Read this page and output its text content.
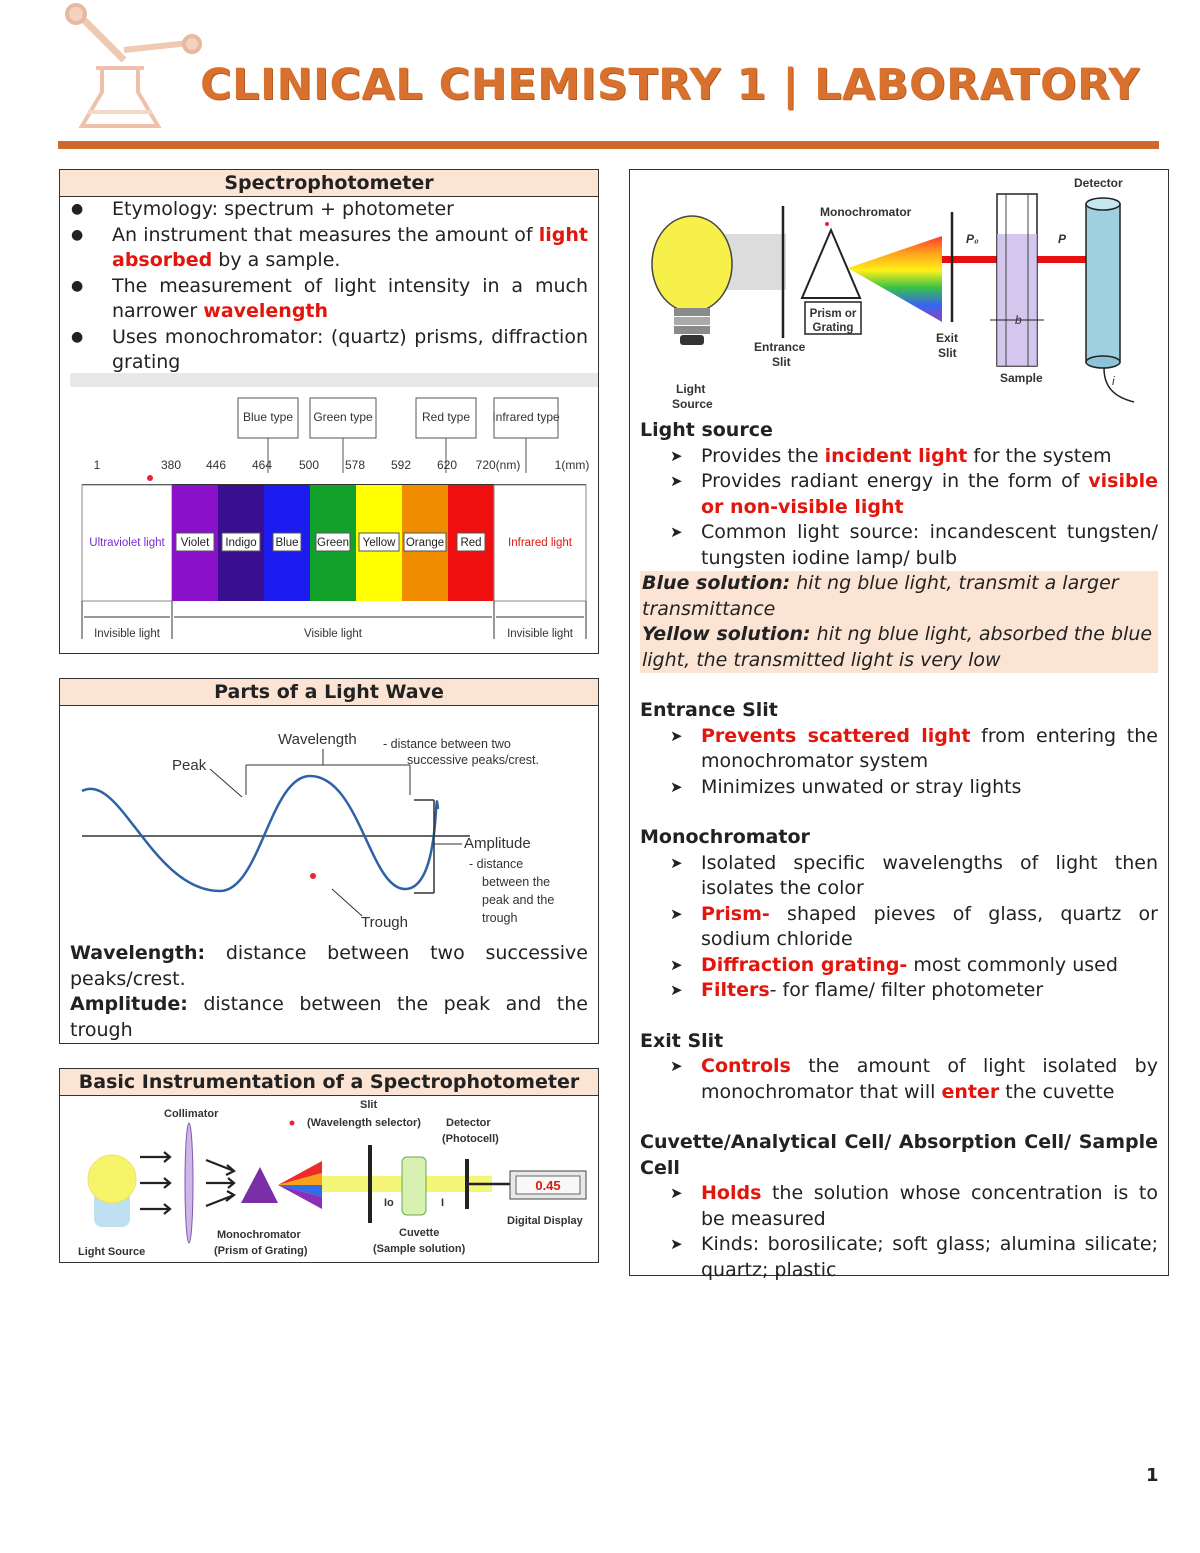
CLINICAL CHEMISTRY 1 | LABORATORY
Spectrophotometer
● Etymology: spectrum + photometer
● An instrument that measures the amount of light absorbed by a sample.
● The measurement of light intensity in a much narrower wavelength
● Uses monochromator: (quartz) prisms, diffraction grating
Blue type Green type	Red type Infrared type
1	380 446 464 500 578 592 620 720(nm)	1(mm)
Ultraviolet light Violet Indigo Blue Green Yellow Orange Red Infrared light
Invisible light	Visible light	Invisible light
Parts of a Light Wave
Peak
Wavelength - distance between two
successive peaks/crest.
Trough
Amplitude
- distance
between the
peak and the
trough
Wavelength: distance between two successive peaks/crest.
Amplitude: distance between the peak and the trough
Basic Instrumentation of a Spectrophotometer
Collimator
Slit
(Wavelength selector) Detector
(Photocell)
Light Source
Monochromator
(Prism of Grating)
Cuvette
(Sample solution)
Digital Display
Io	I
0.45
Light
Source
Entrance
Slit
Monochromator
Prism or
Grating
Exit
Slit
P₀
b
Sample
P
Detector
i
Light source
➤ Provides the incident light for the system
➤ Provides radiant energy in the form of visible or non-visible light
➤ Common light source: incandescent tungsten/ tungsten iodine lamp/ bulb
Blue solution: hit ng blue light, transmit a larger transmittance
Yellow solution: hit ng blue light, absorbed the blue light, the transmitted light is very low
Entrance Slit
➤ Prevents scattered light from entering the monochromator system
➤ Minimizes unwated or stray lights
Monochromator
➤ Isolated specific wavelengths of light then isolates the color
➤ Prism- shaped pieves of glass, quartz or sodium chloride
➤ Diffraction grating- most commonly used
➤ Filters- for flame/ filter photometer
Exit Slit
➤ Controls the amount of light isolated by monochromator that will enter the cuvette
Cuvette/Analytical Cell/ Absorption Cell/ Sample Cell
➤ Holds the solution whose concentration is to be measured
➤ Kinds: borosilicate; soft glass; alumina silicate; quartz; plastic
1
